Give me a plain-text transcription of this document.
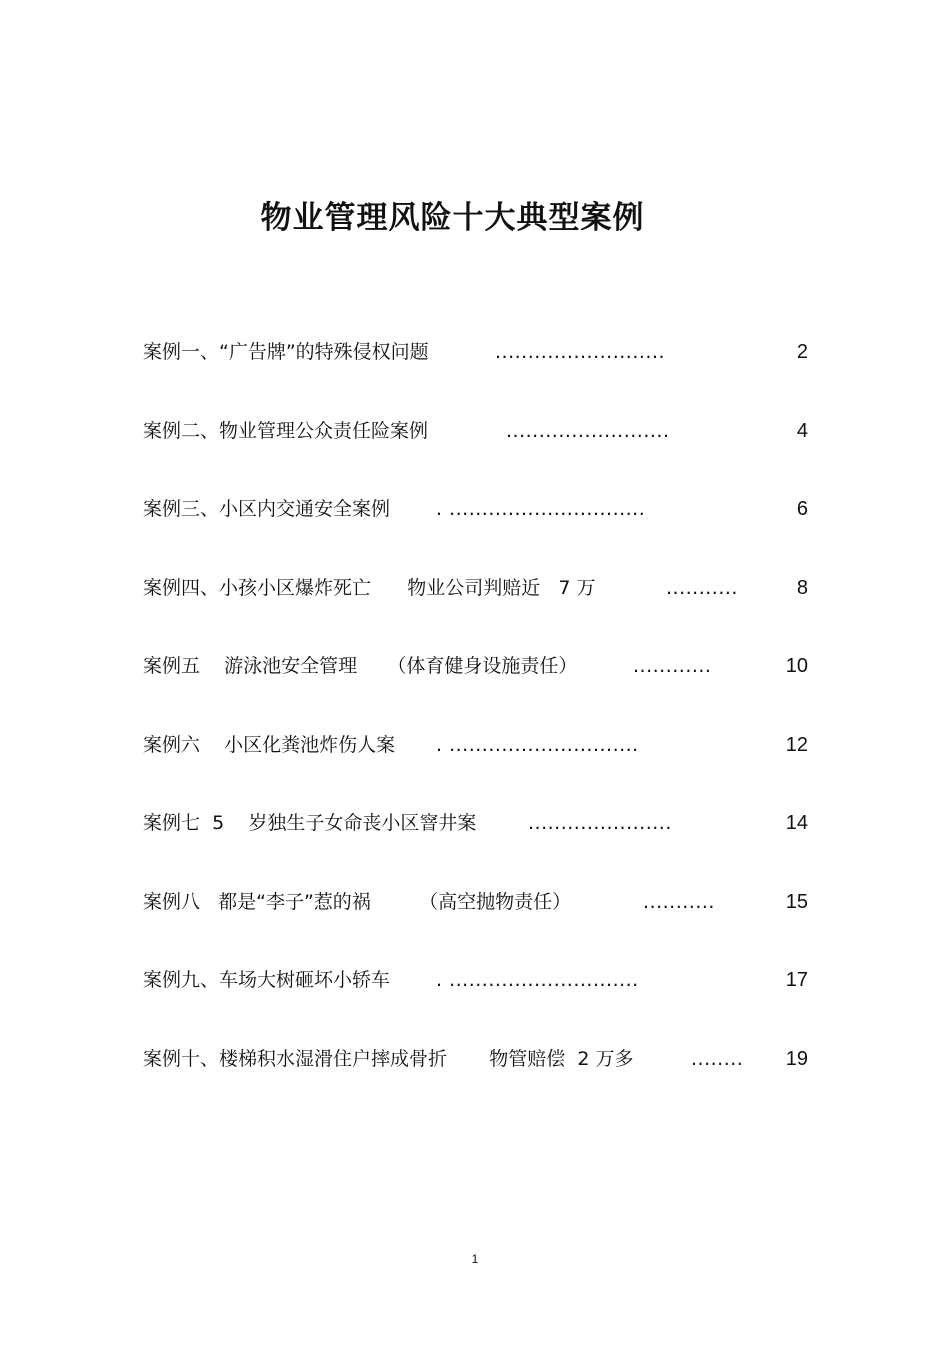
物业管理风险十大典型案例
案例一、“广告牌”的特殊侵权问题	..........................	2
案例二、物业管理公众责任险案例	.........................	4
案例三、小区内交通安全案例 . ..............................	6
案例四、小孩小区爆炸死亡      物业公司判赔近   7 万	...........	8
案例五    游泳池安全管理     （体育健身设施责任）	............	10
案例六    小区化粪池炸伤人案 . .............................	12
案例七  5    岁独生子女命丧小区窨井案	......................	14
案例八   都是“李子”惹的祸        （高空抛物责任）	...........	15
案例九、车场大树砸坏小轿车 . .............................	17
案例十、楼梯积水湿滑住户摔成骨折       物管赔偿  2 万多	........ 19
1
